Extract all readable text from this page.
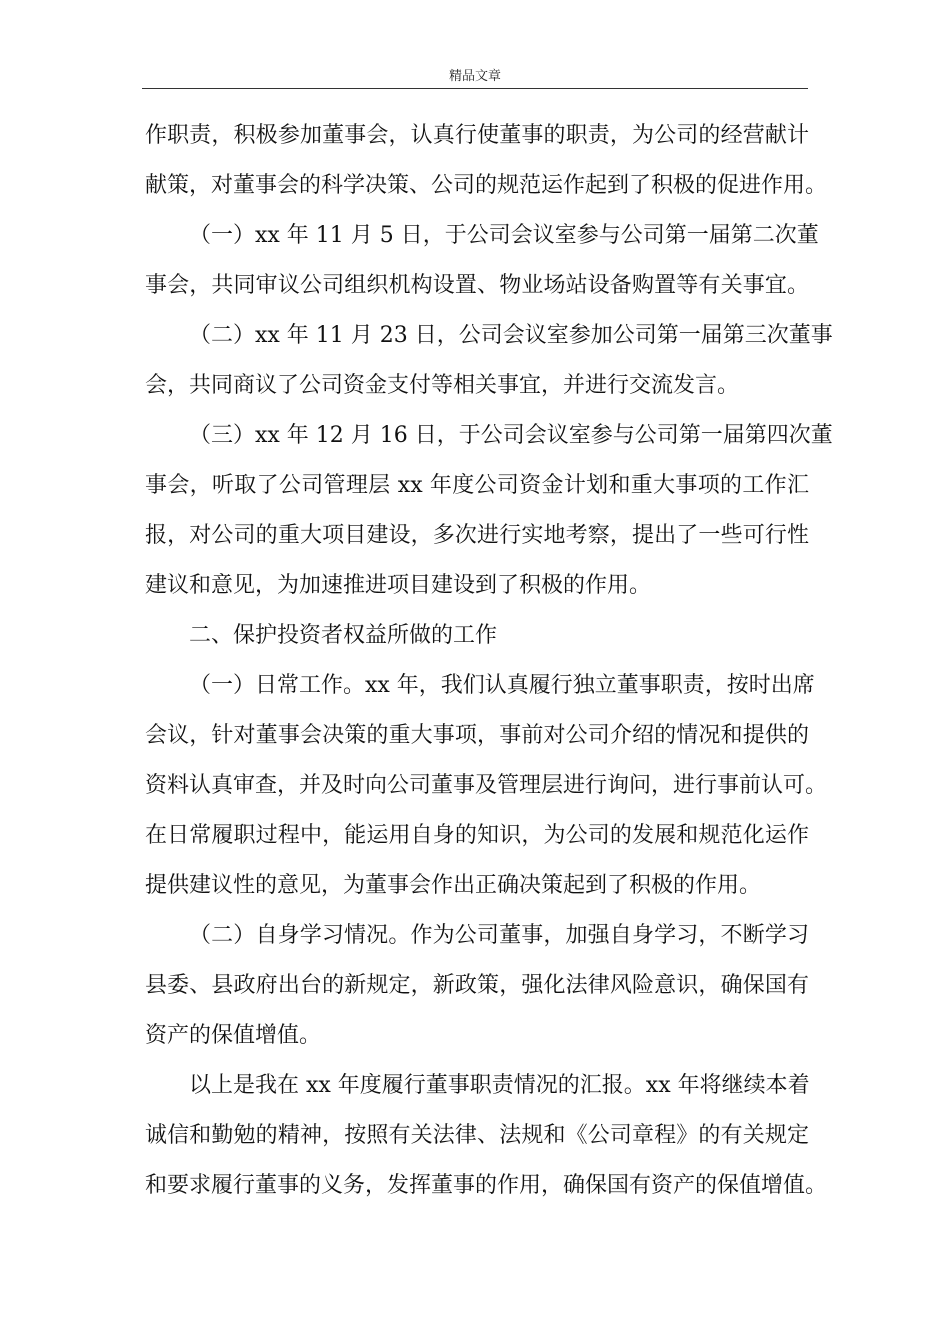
精品文章
作职责，积极参加董事会，认真行使董事的职责，为公司的经营献计
献策，对董事会的科学决策、公司的规范运作起到了积极的促进作用。
（一）xx 年 11 月 5 日，于公司会议室参与公司第一届第二次董
事会，共同审议公司组织机构设置、物业场站设备购置等有关事宜。
（二）xx 年 11 月 23 日，公司会议室参加公司第一届第三次董事
会，共同商议了公司资金支付等相关事宜，并进行交流发言。
（三）xx 年 12 月 16 日，于公司会议室参与公司第一届第四次董
事会，听取了公司管理层 xx 年度公司资金计划和重大事项的工作汇
报，对公司的重大项目建设，多次进行实地考察，提出了一些可行性
建议和意见，为加速推进项目建设到了积极的作用。
二、保护投资者权益所做的工作
（一）日常工作。xx 年，我们认真履行独立董事职责，按时出席
会议，针对董事会决策的重大事项，事前对公司介绍的情况和提供的
资料认真审查，并及时向公司董事及管理层进行询问，进行事前认可。
在日常履职过程中，能运用自身的知识，为公司的发展和规范化运作
提供建议性的意见，为董事会作出正确决策起到了积极的作用。
（二）自身学习情况。作为公司董事，加强自身学习，不断学习
县委、县政府出台的新规定，新政策，强化法律风险意识，确保国有
资产的保值增值。
以上是我在 xx 年度履行董事职责情况的汇报。xx 年将继续本着
诚信和勤勉的精神，按照有关法律、法规和《公司章程》的有关规定
和要求履行董事的义务，发挥董事的作用，确保国有资产的保值增值。
